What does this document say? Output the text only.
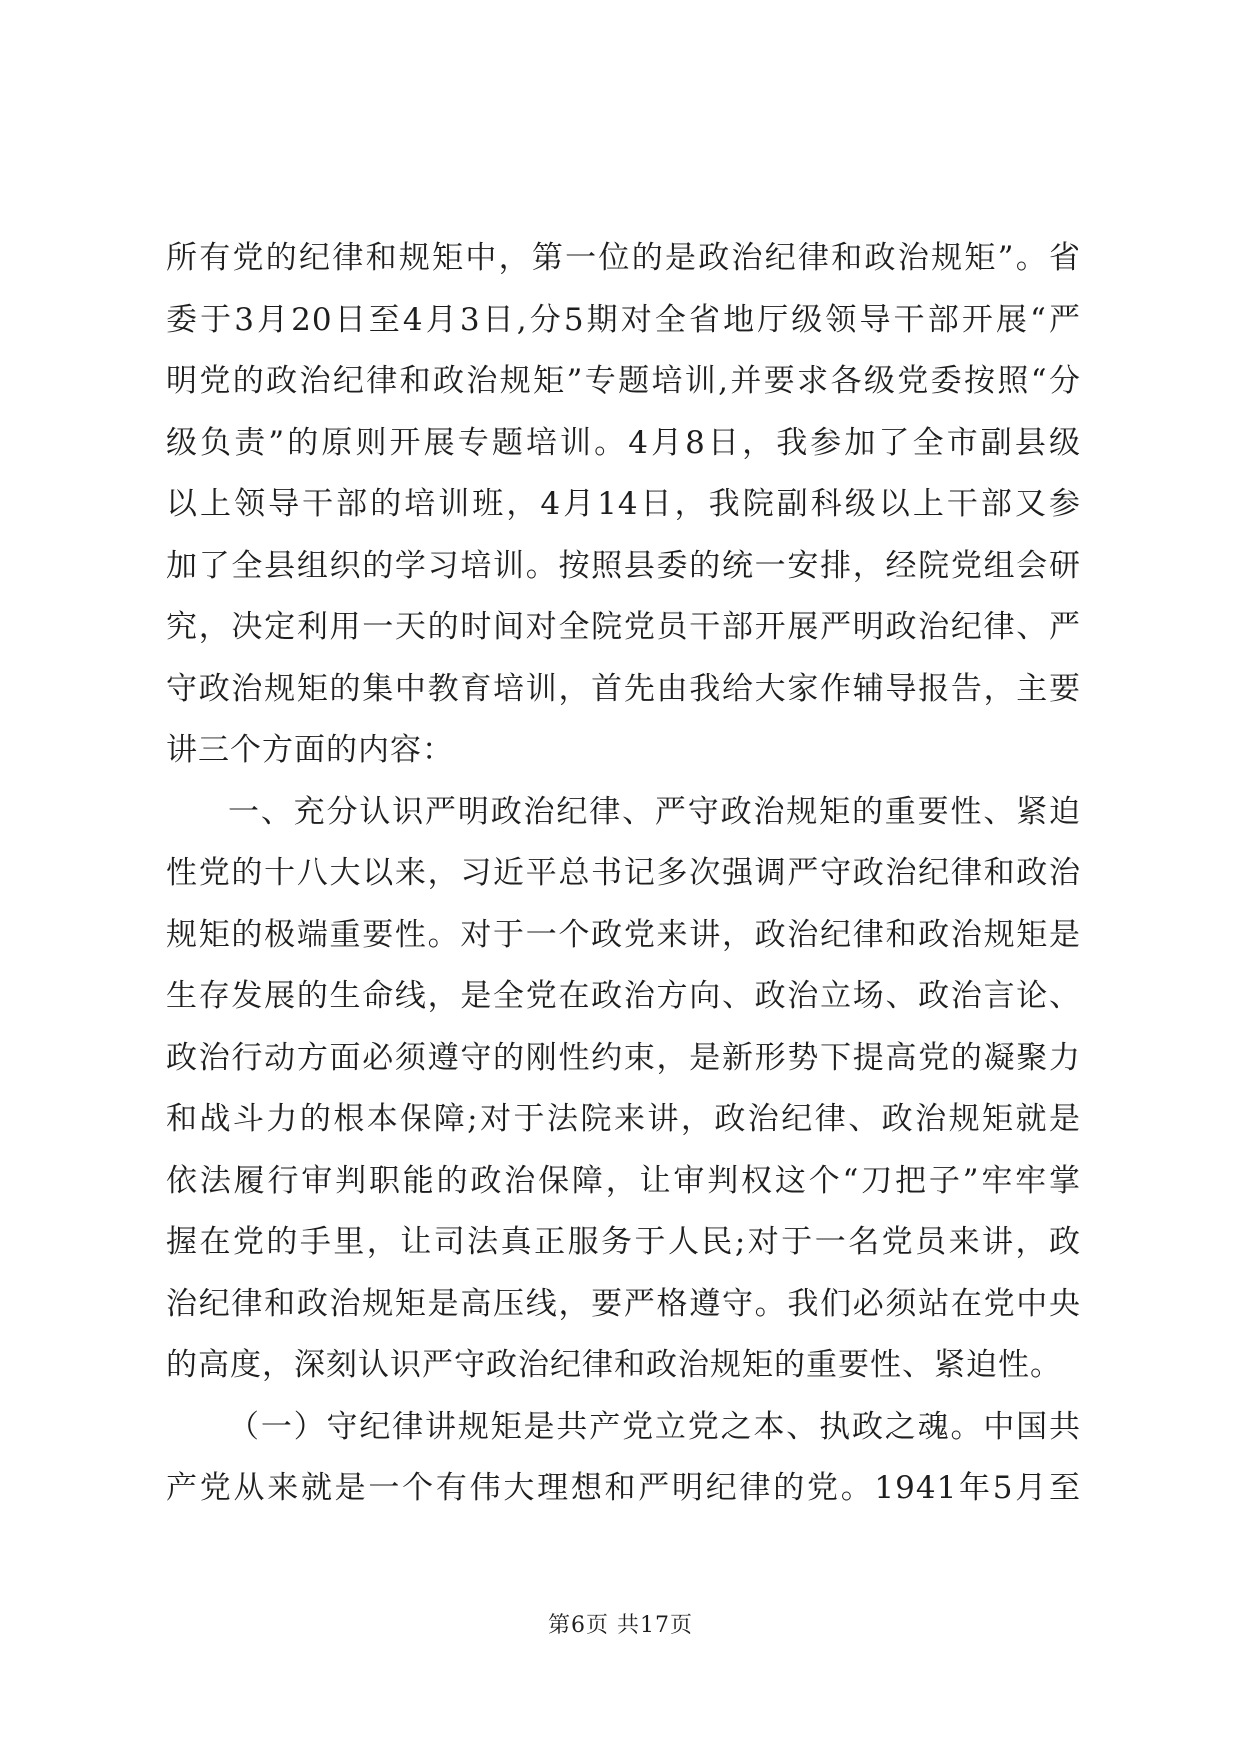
所有党的纪律和规矩中，第一位的是政治纪律和政治规矩”。省
委于3月20日至4月3日,分5期对全省地厅级领导干部开展“严
明党的政治纪律和政治规矩”专题培训,并要求各级党委按照“分
级负责”的原则开展专题培训。4月8日，我参加了全市副县级
以上领导干部的培训班，4月14日，我院副科级以上干部又参
加了全县组织的学习培训。按照县委的统一安排，经院党组会研
究，决定利用一天的时间对全院党员干部开展严明政治纪律、严
守政治规矩的集中教育培训，首先由我给大家作辅导报告，主要
讲三个方面的内容：
一、充分认识严明政治纪律、严守政治规矩的重要性、紧迫
性党的十八大以来，习近平总书记多次强调严守政治纪律和政治
规矩的极端重要性。对于一个政党来讲，政治纪律和政治规矩是
生存发展的生命线，是全党在政治方向、政治立场、政治言论、
政治行动方面必须遵守的刚性约束，是新形势下提高党的凝聚力
和战斗力的根本保障;对于法院来讲，政治纪律、政治规矩就是
依法履行审判职能的政治保障，让审判权这个“刀把子”牢牢掌
握在党的手里，让司法真正服务于人民;对于一名党员来讲，政
治纪律和政治规矩是高压线，要严格遵守。我们必须站在党中央
的高度，深刻认识严守政治纪律和政治规矩的重要性、紧迫性。
（一）守纪律讲规矩是共产党立党之本、执政之魂。中国共
产党从来就是一个有伟大理想和严明纪律的党。1941年5月至
第6页 共17页
